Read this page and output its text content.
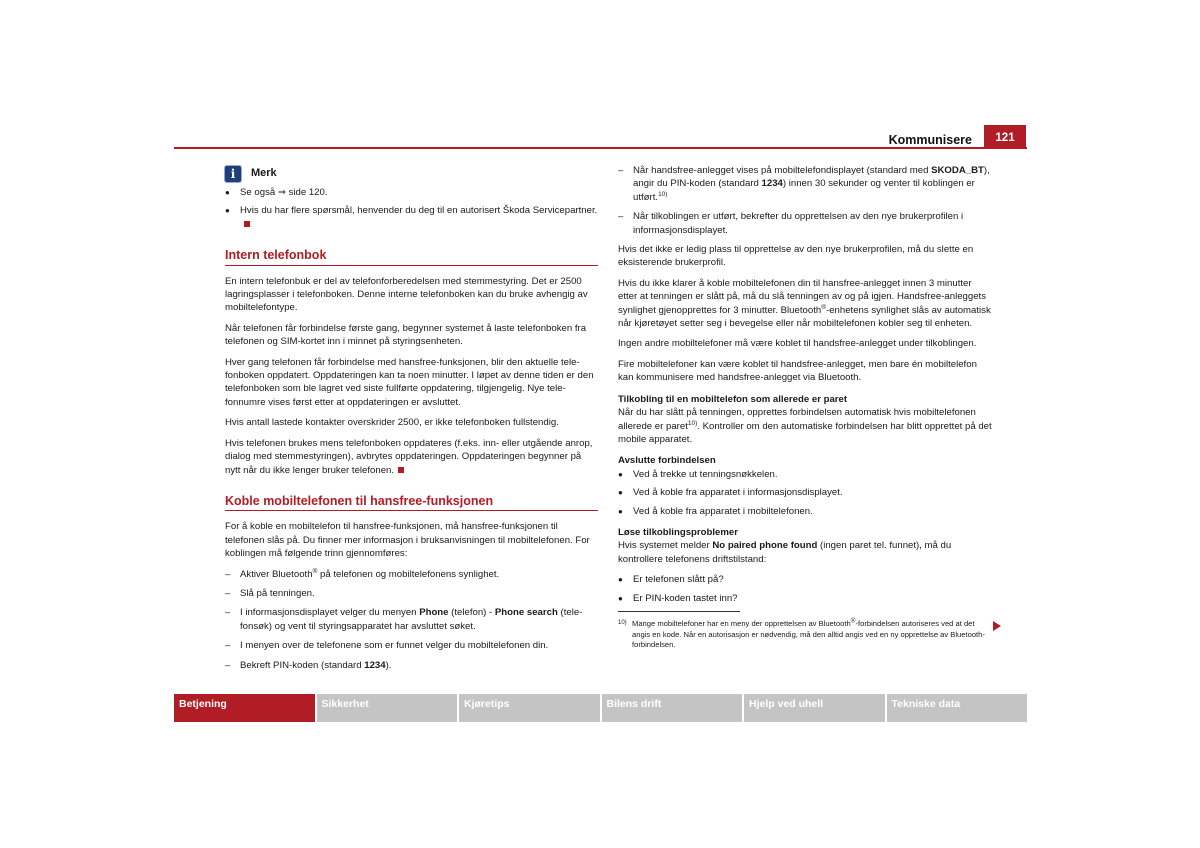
Kommunisere	121
i	Merk
● Se også ⇒ side 120.
● Hvis du har flere spørsmål, henvender du deg til en autorisert Škoda Servicepartner.
Intern telefonbok

En intern telefonbuk er del av telefonforberedelsen med stemmestyring. Det er 2500 lagringsplasser i telefonboken. Denne interne telefonboken kan du bruke avhengig av mobiltelefontype.

Når telefonen får forbindelse første gang, begynner systemet å laste telefonboken fra telefonen og SIM-kortet inn i minnet på styringsenheten.

Hver gang telefonen får forbindelse med hansfree-funksjonen, blir den aktuelle telefonboken oppdatert. Oppdateringen kan ta noen minutter. I løpet av denne tiden er den telefonboken som ble lagret ved siste fullførte oppdatering, tilgjengelig. Nye telefonnumre vises først etter at oppdateringen er avsluttet.

Hvis antall lastede kontakter overskrider 2500, er ikke telefonboken fullstendig.

Hvis telefonen brukes mens telefonboken oppdateres (f.eks. inn- eller utgående anrop, dialog med stemmestyringen), avbrytes oppdateringen. Oppdateringen begynner på nytt når du ikke lenger bruker telefonen.

Koble mobiltelefonen til hansfree-funksjonen

For å koble en mobiltelefon til hansfree-funksjonen, må hansfree-funksjonen til telefonen slås på. Du finner mer informasjon i bruksanvisningen til mobiltelefonen. For koblingen må følgende trinn gjennomføres:

– Aktiver Bluetooth® på telefonen og mobiltelefonens synlighet.
– Slå på tenningen.
– I informasjonsdisplayet velger du menyen Phone (telefon) - Phone search (telefonsøk) og vent til styringsapparatet har avsluttet søket.
– I menyen over de telefonene som er funnet velger du mobiltelefonen din.
– Bekreft PIN-koden (standard 1234).
– Når handsfree-anlegget vises på mobiltelefondisplayet (standard med SKODA_BT), angir du PIN-koden (standard 1234) innen 30 sekunder og venter til koblingen er utført.$^{10)}$
– Når tilkoblingen er utført, bekrefter du opprettelsen av den nye brukerprofilen i informasjonsdisplayet.

Hvis det ikke er ledig plass til opprettelse av den nye brukerprofilen, må du slette en eksisterende brukerprofil.

Hvis du ikke klarer å koble mobiltelefonen din til hansfree-anlegget innen 3 minutter etter at tenningen er slått på, må du slå tenningen av og på igjen. Handsfree-anleggets synlighet gjenopprettes for 3 minutter. Bluetooth®-enhetens synlighet slås av automatisk når kjøretøyet setter seg i bevegelse eller når mobiltelefonen kobler seg til enheten.

Ingen andre mobiltelefoner må være koblet til handsfree-anlegget under tilkoblingen.

Fire mobiltelefoner kan være koblet til handsfree-anlegget, men bare én mobiltelefon kan kommunisere med handsfree-anlegget via Bluetooth.

Tilkobling til en mobiltelefon som allerede er paret

Når du har slått på tenningen, opprettes forbindelsen automatisk hvis mobiltelefonen allerede er paret$^{10)}$. Kontroller om den automatiske forbindelsen har blitt opprettet på det mobile apparatet.

Avslutte forbindelsen
● Ved å trekke ut tenningsnøkkelen.
● Ved å koble fra apparatet i informasjonsdisplayet.
● Ved å koble fra apparatet i mobiltelefonen.
Løse tilkoblingsproblemer

Hvis systemet melder No paired phone found (ingen paret tel. funnet), må du kontrollere telefonens driftstilstand:

● Er telefonen slått på?
● Er PIN-koden tastet inn?
10) Mange mobiltelefoner har en meny der opprettelsen av Bluetooth®-forbindelsen autoriseres ved at det angis en kode. Når en autorisasjon er nødvendig, må den alltid angis ved en ny opprettelse av Bluetooth-forbindelsen.
Betjening	Sikkerhet	Kjøretips	Bilens drift	Hjelp ved uhell	Tekniske data
